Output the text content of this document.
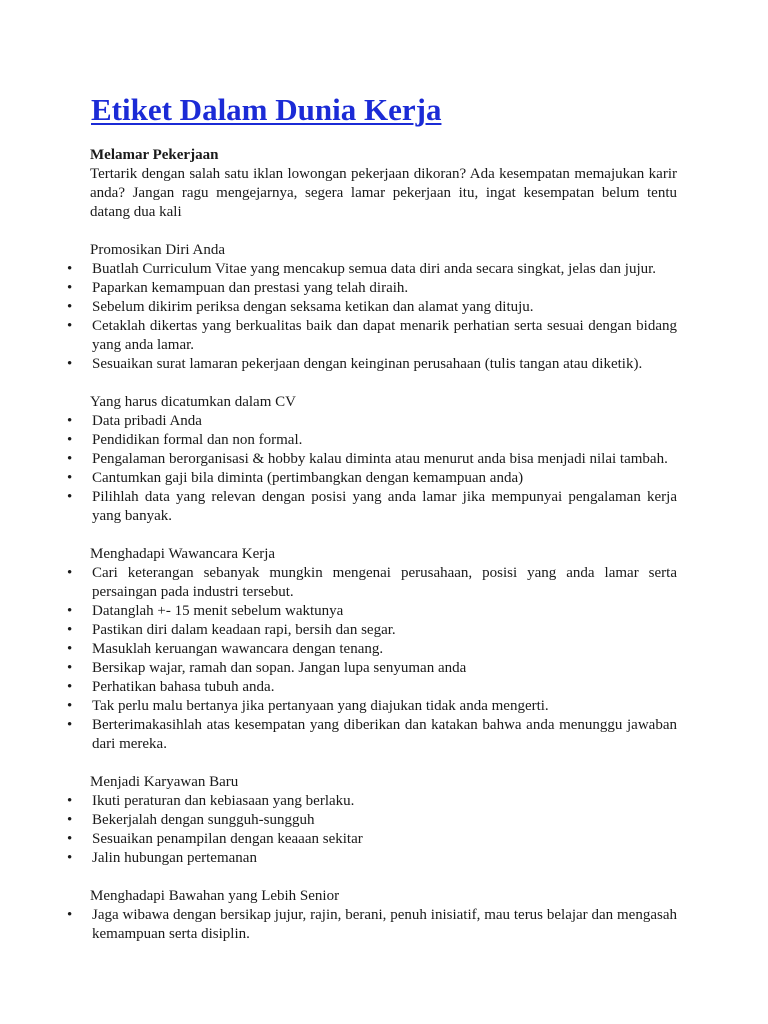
Etiket Dalam Dunia Kerja
Melamar Pekerjaan
Tertarik dengan salah satu iklan lowongan pekerjaan dikoran? Ada kesempatan memajukan karir anda? Jangan ragu mengejarnya, segera lamar pekerjaan itu, ingat kesempatan belum tentu datang dua kali
Promosikan Diri Anda
• Buatlah Curriculum Vitae yang mencakup semua data diri anda secara singkat, jelas dan jujur.
• Paparkan kemampuan dan prestasi yang telah diraih.
• Sebelum dikirim periksa dengan seksama ketikan dan alamat yang dituju.
• Cetaklah dikertas yang berkualitas baik dan dapat menarik perhatian serta sesuai dengan bidang yang anda lamar.
• Sesuaikan surat lamaran pekerjaan dengan keinginan perusahaan (tulis tangan atau diketik).
Yang harus dicatumkan dalam CV
• Data pribadi Anda
• Pendidikan formal dan non formal.
• Pengalaman berorganisasi & hobby kalau diminta atau menurut anda bisa menjadi nilai tambah.
• Cantumkan gaji bila diminta (pertimbangkan dengan kemampuan anda)
• Pilihlah data yang relevan dengan posisi yang anda lamar jika mempunyai pengalaman kerja yang banyak.
Menghadapi Wawancara Kerja
• Cari keterangan sebanyak mungkin mengenai perusahaan, posisi yang anda lamar serta persaingan pada industri tersebut.
• Datanglah +- 15 menit sebelum waktunya
• Pastikan diri dalam keadaan rapi, bersih dan segar.
• Masuklah keruangan wawancara dengan tenang.
• Bersikap wajar, ramah dan sopan. Jangan lupa senyuman anda
• Perhatikan bahasa tubuh anda.
• Tak perlu malu bertanya jika pertanyaan yang diajukan tidak anda mengerti.
• Berterimakasihlah atas kesempatan yang diberikan dan katakan bahwa anda menunggu jawaban dari mereka.
Menjadi Karyawan Baru
• Ikuti peraturan dan kebiasaan yang berlaku.
• Bekerjalah dengan sungguh-sungguh
• Sesuaikan penampilan dengan keaaan sekitar
• Jalin hubungan pertemanan
Menghadapi Bawahan yang Lebih Senior
• Jaga wibawa dengan bersikap jujur, rajin, berani, penuh inisiatif, mau terus belajar dan mengasah kemampuan serta disiplin.
